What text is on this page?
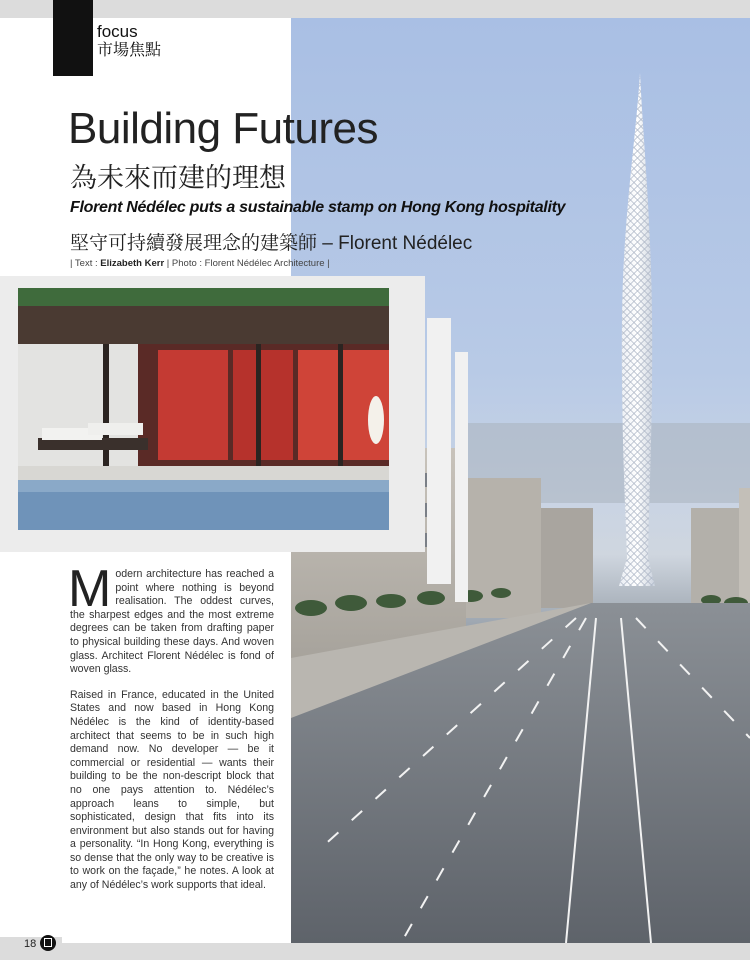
focus
市場焦點
Building Futures
為未來而建的理想
Florent Nédélec puts a sustainable stamp on Hong Kong hospitality
堅守可持續發展理念的建築師 – Florent Nédélec
| Text : Elizabeth Kerr | Photo : Florent Nédélec Architecture |

Modern architecture has reached a point where nothing is beyond realisation. The oddest curves, the sharpest edges and the most extreme degrees can be taken from drafting paper to physical building these days. And woven glass. Architect Florent Nédélec is fond of woven glass.

Raised in France, educated in the United States and now based in Hong Kong Nédélec is the kind of identity-based architect that seems to be in such high demand now. No developer — be it commercial or residential — wants their building to be the non-descript block that no one pays attention to. Nédélec’s approach leans to simple, but sophisticated, design that fits into its environment but also stands out for having a personality. “In Hong Kong, everything is so dense that the only way to be creative is to work on the façade,” he notes. A look at any of Nédélec’s work supports that ideal.

18
